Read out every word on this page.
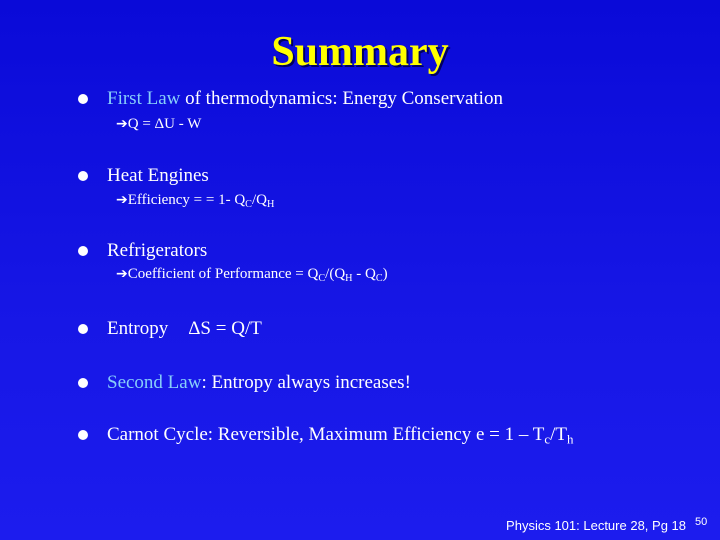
Summary
First Law of thermodynamics: Energy Conservation
➔Q = ΔU - W
Heat Engines
➔Efficiency = = 1- $Q_C/Q_H$
Refrigerators
➔Coefficient of Performance = $Q_C/(Q_H - Q_C)$
Entropy ΔS = Q/T
Second Law: Entropy always increases!
Carnot Cycle: Reversible, Maximum Efficiency $e = 1 - T_c/T_h$
Physics 101: Lecture 28, Pg 18 50
